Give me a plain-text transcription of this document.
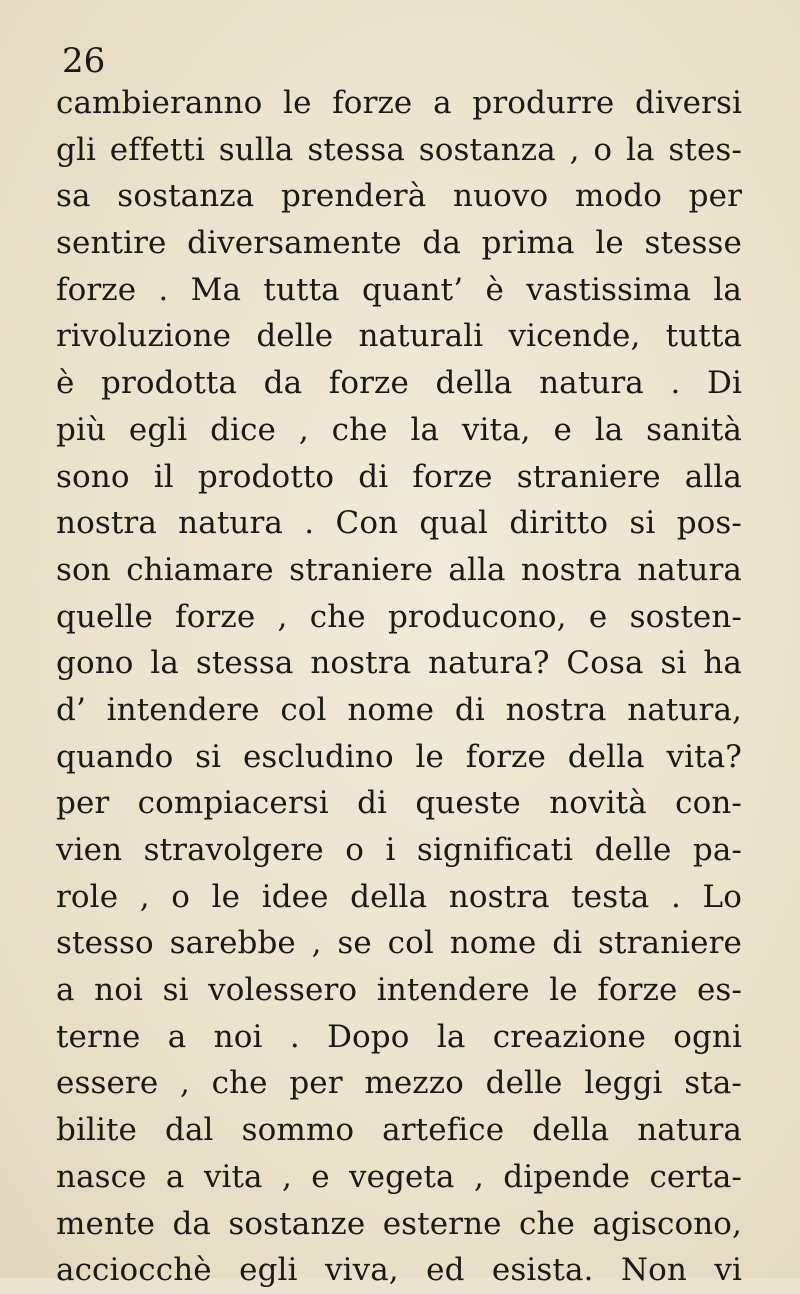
26
cambieranno le forze a produrre diversi
gli effetti sulla stessa sostanza , o la stes-
sa sostanza prenderà nuovo modo per
sentire diversamente da prima le stesse
forze . Ma tutta quant’ è vastissima la
rivoluzione delle naturali vicende, tutta
è prodotta da forze della natura . Di
più egli dice , che la vita, e la sanità
sono il prodotto di forze straniere alla
nostra natura . Con qual diritto si pos-
son chiamare straniere alla nostra natura
quelle forze , che producono, e sosten-
gono la stessa nostra natura? Cosa si ha
d’ intendere col nome di nostra natura,
quando si escludino le forze della vita?
per compiacersi di queste novità con-
vien stravolgere o i significati delle pa-
role , o le idee della nostra testa . Lo
stesso sarebbe , se col nome di straniere
a noi si volessero intendere le forze es-
terne a noi . Dopo la creazione ogni
essere , che per mezzo delle leggi sta-
bilite dal sommo artefice della natura
nasce a vita , e vegeta , dipende certa-
mente da sostanze esterne che agiscono,
acciocchè egli viva, ed esista. Non vi
